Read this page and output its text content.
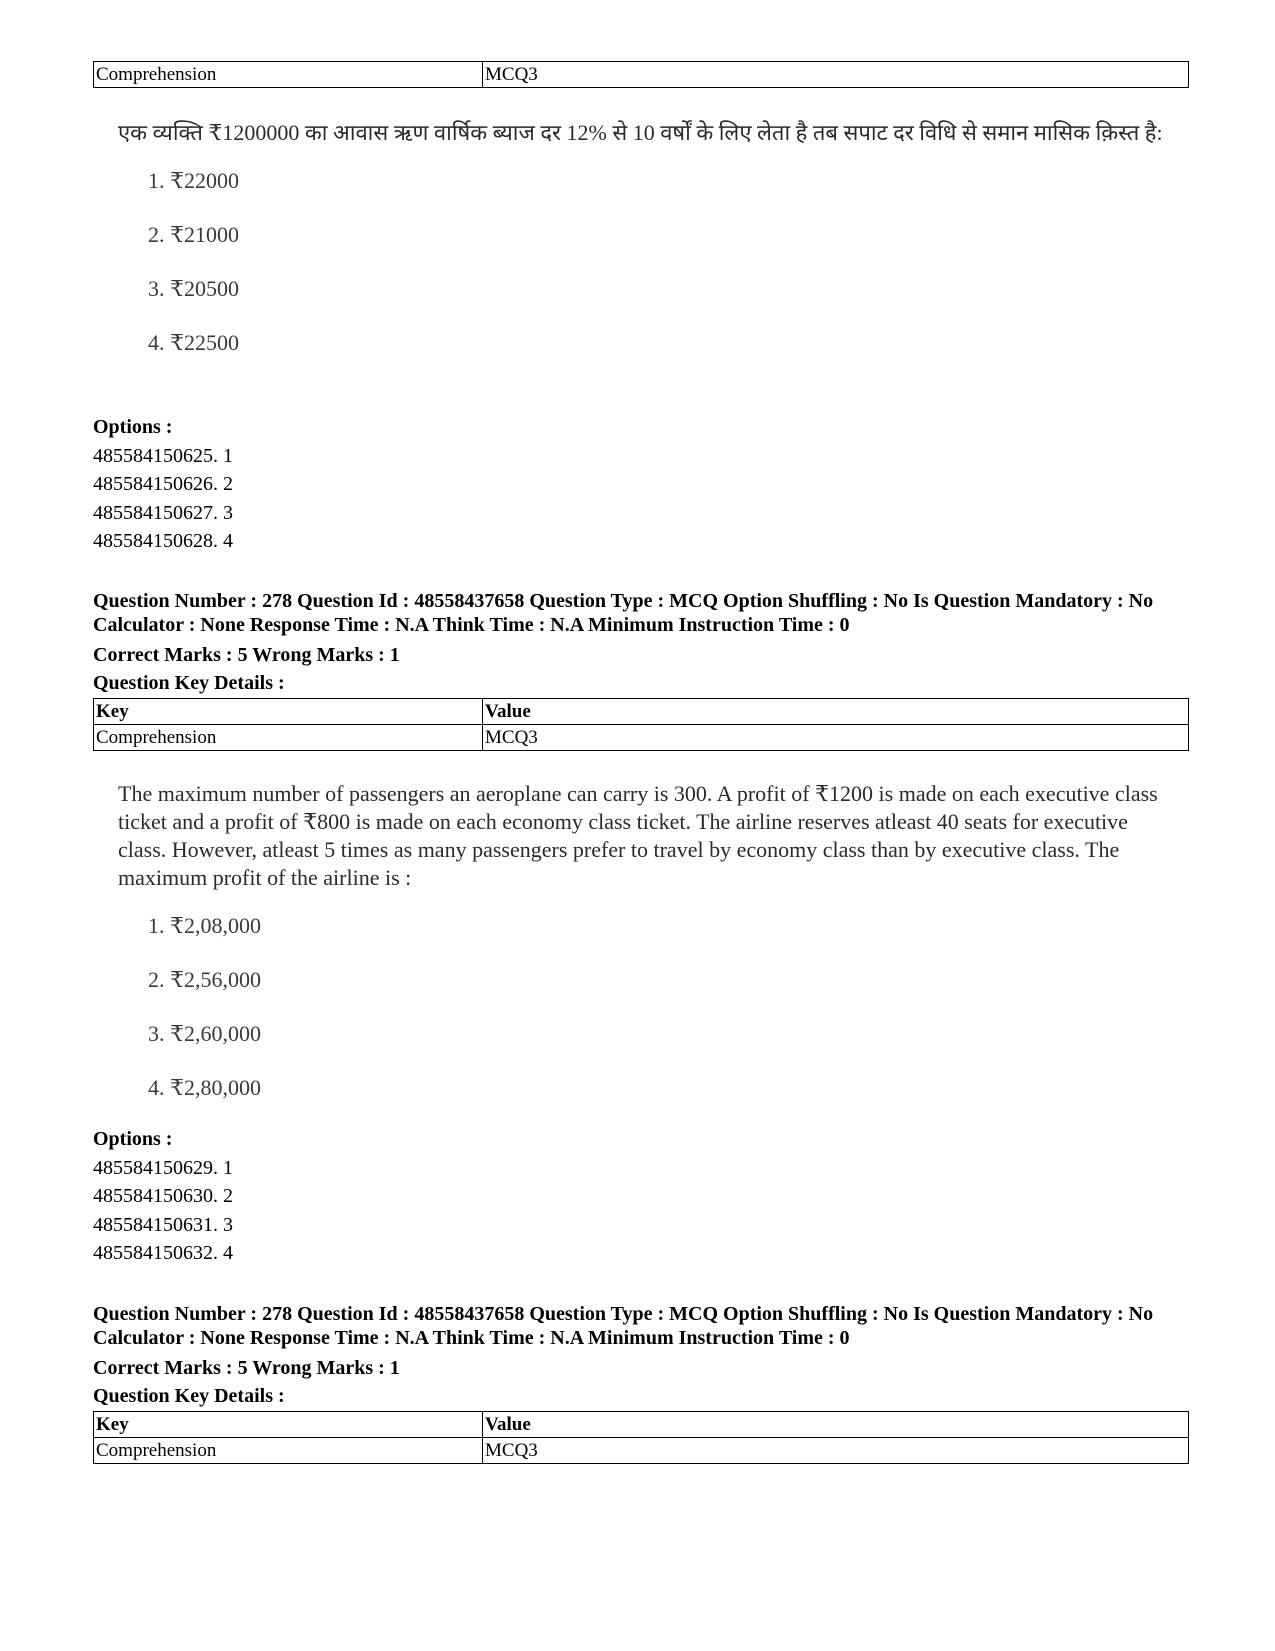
Comprehension	MCQ3
एक व्यक्ति ₹1200000 का आवास ऋण वार्षिक ब्याज दर 12% से 10 वर्षों के लिए लेता है तब सपाट दर विधि से समान मासिक क़िस्त है:
1. ₹22000
2. ₹21000
3. ₹20500
4. ₹22500
Options :
485584150625. 1
485584150626. 2
485584150627. 3
485584150628. 4
Question Number : 278 Question Id : 48558437658 Question Type : MCQ Option Shuffling : No Is Question Mandatory : No Calculator : None Response Time : N.A Think Time : N.A Minimum Instruction Time : 0
Correct Marks : 5 Wrong Marks : 1
Question Key Details :
Key	Value
Comprehension	MCQ3
The maximum number of passengers an aeroplane can carry is 300. A profit of ₹1200 is made on each executive class ticket and a profit of ₹800 is made on each economy class ticket. The airline reserves atleast 40 seats for executive class. However, atleast 5 times as many passengers prefer to travel by economy class than by executive class. The maximum profit of the airline is :
1. ₹2,08,000
2. ₹2,56,000
3. ₹2,60,000
4. ₹2,80,000
Options :
485584150629. 1
485584150630. 2
485584150631. 3
485584150632. 4
Question Number : 278 Question Id : 48558437658 Question Type : MCQ Option Shuffling : No Is Question Mandatory : No Calculator : None Response Time : N.A Think Time : N.A Minimum Instruction Time : 0
Correct Marks : 5 Wrong Marks : 1
Question Key Details :
Key	Value
Comprehension	MCQ3
